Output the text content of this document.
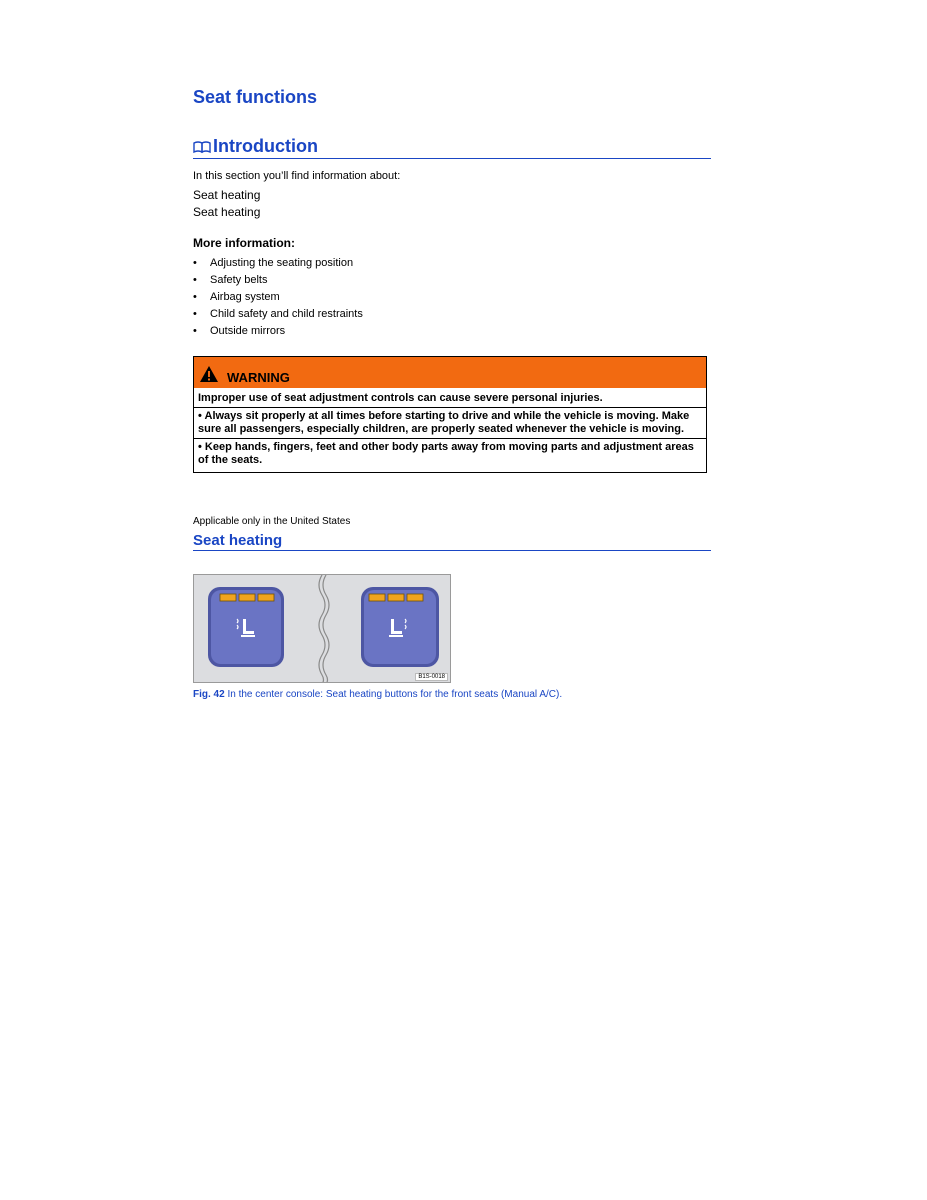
Seat functions
Introduction
In this section you’ll find information about:
Seat heating
Seat heating
More information:
•	Adjusting the seating position
•	Safety belts
•	Airbag system
•	Child safety and child restraints
•	Outside mirrors
WARNING
Improper use of seat adjustment controls can cause severe personal injuries.
• Always sit properly at all times before starting to drive and while the vehicle is moving. Make sure all passengers, especially children, are properly seated whenever the vehicle is moving.
• Keep hands, fingers, feet and other body parts away from moving parts and adjustment areas of the seats.
Applicable only in the United States
Seat heating
B1S-0018
Fig. 42 In the center console: Seat heating buttons for the front seats (Manual A/C).
